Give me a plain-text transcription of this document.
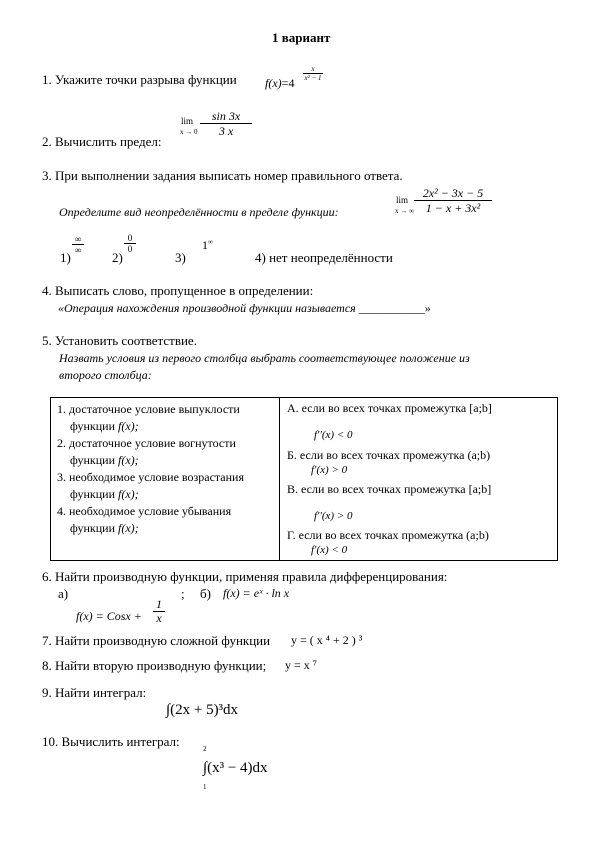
1 вариант
1. Укажите точки разрыва функции f(x)=4
x
x² − 1
lim
x → 0
sin 3x
3 x
2. Вычислить предел:
3. При выполнении задания выписать номер правильного ответа.
Определите вид неопределённости в пределе функции:
lim
x → ∞
2x² − 3x − 5
1 − x + 3x²
1)
∞
∞ 2)
0
0
3)
1∞
4) нет неопределённости
4. Выписать слово, пропущенное в определении:
«Операция нахождения производной функции называется ___________»
5. Установить соответствие.
Назвать условия из первого столбца выбрать соответствующее положение из
второго столбца:
1. достаточное условие выпуклости
функции f(x);
2. достаточное условие вогнутости
функции f(x);
3. необходимое условие возрастания
функции f(x);
4. необходимое условие убывания
функции f(x);

А. если во всех точках промежутка [a;b]
f′′(x) < 0
Б. если во всех точках промежутка (a;b)
f′(x) > 0
В. если во всех точках промежутка [a;b]
f′′(x) > 0
Г. если во всех точках промежутка (a;b)
f′(x) < 0
6. Найти производную функции, применяя правила дифференцирования:
а)	; б) f(x) = eˣ · ln x
f(x) = Cosx +
1
x
7. Найти производную сложной функции y = ( x ⁴ + 2 ) ³
8. Найти вторую производную функции; y = x ⁷
9. Найти интеграл:
∫(2x + 5)³dx
10. Вычислить интеграл:	2
∫(x³ − 4)dx
1
